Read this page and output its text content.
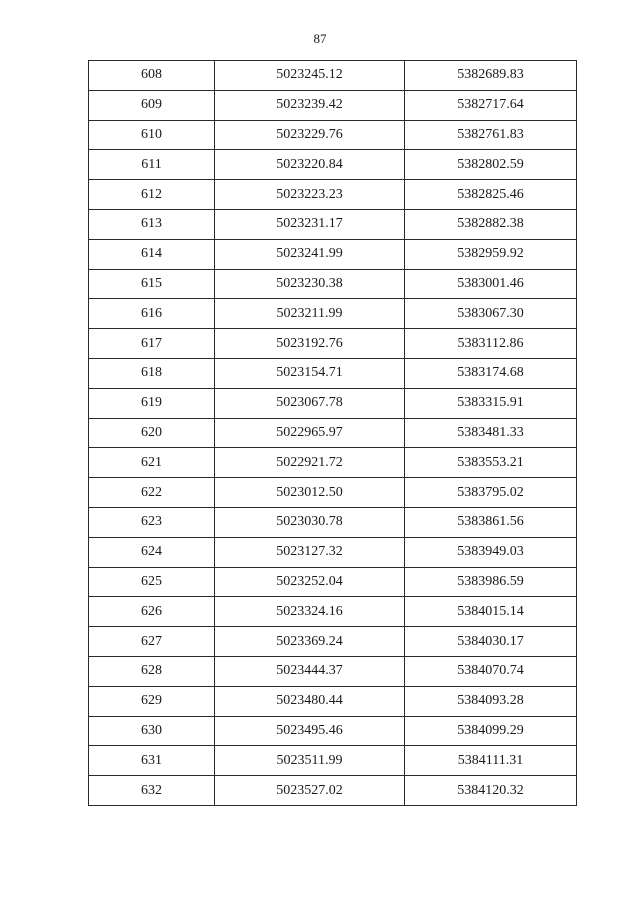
87
608	5023245.12	5382689.83
609	5023239.42	5382717.64
610	5023229.76	5382761.83
611	5023220.84	5382802.59
612	5023223.23	5382825.46
613	5023231.17	5382882.38
614	5023241.99	5382959.92
615	5023230.38	5383001.46
616	5023211.99	5383067.30
617	5023192.76	5383112.86
618	5023154.71	5383174.68
619	5023067.78	5383315.91
620	5022965.97	5383481.33
621	5022921.72	5383553.21
622	5023012.50	5383795.02
623	5023030.78	5383861.56
624	5023127.32	5383949.03
625	5023252.04	5383986.59
626	5023324.16	5384015.14
627	5023369.24	5384030.17
628	5023444.37	5384070.74
629	5023480.44	5384093.28
630	5023495.46	5384099.29
631	5023511.99	5384111.31
632	5023527.02	5384120.32
